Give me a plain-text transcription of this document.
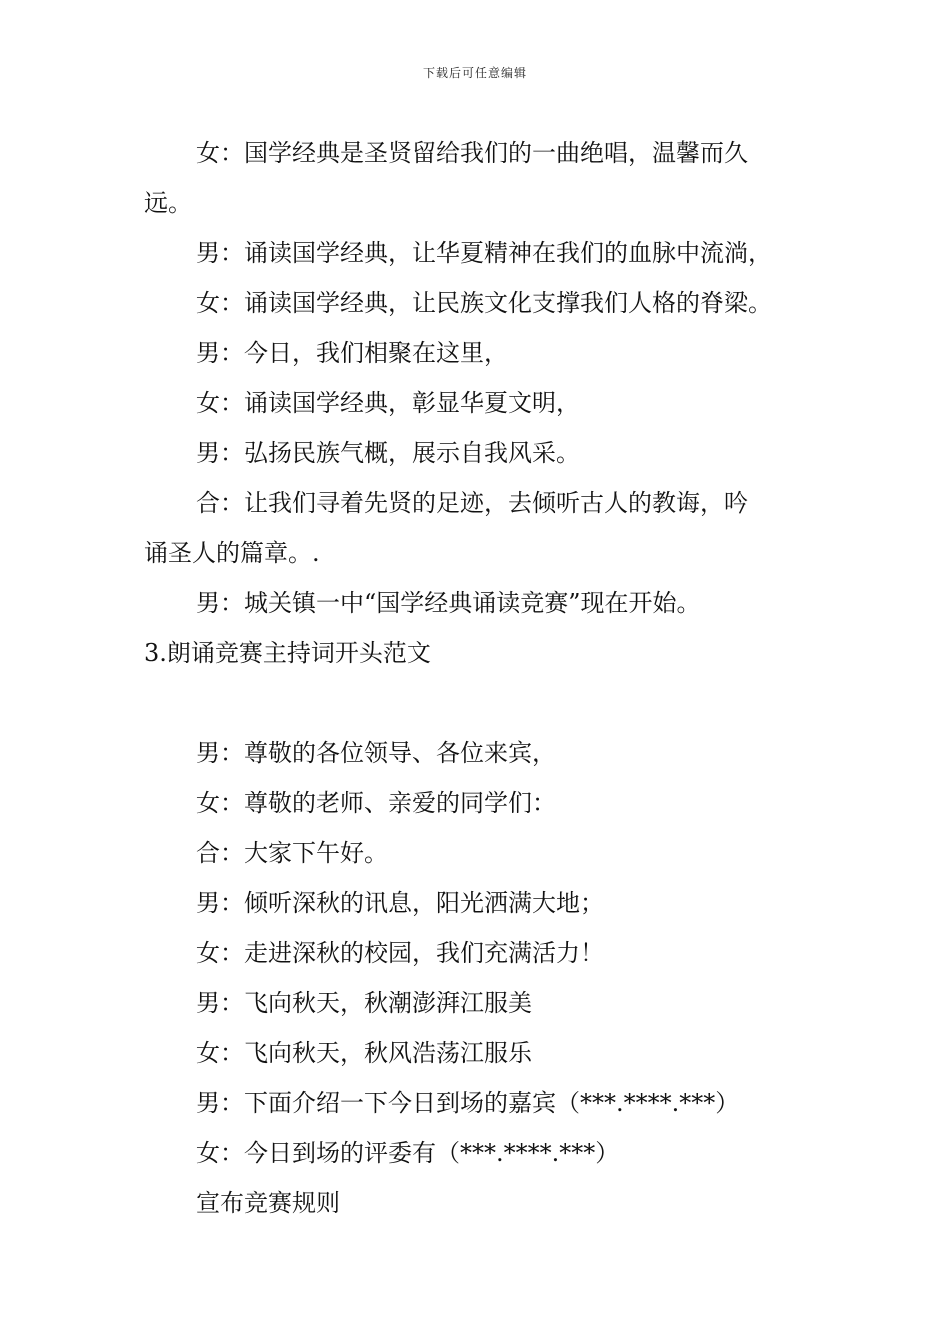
下载后可任意编辑
女：国学经典是圣贤留给我们的一曲绝唱，温馨而久
远。
男：诵读国学经典，让华夏精神在我们的血脉中流淌，
女：诵读国学经典，让民族文化支撑我们人格的脊梁。
男：今日，我们相聚在这里，
女：诵读国学经典，彰显华夏文明，
男：弘扬民族气概，展示自我风采。
合：让我们寻着先贤的足迹，去倾听古人的教诲，吟
诵圣人的篇章。.
男：城关镇一中“国学经典诵读竞赛”现在开始。
3.朗诵竞赛主持词开头范文
男：尊敬的各位领导、各位来宾，
女：尊敬的老师、亲爱的同学们：
合：大家下午好。
男：倾听深秋的讯息，阳光洒满大地；
女：走进深秋的校园，我们充满活力！
男：飞向秋天，秋潮澎湃江服美
女：飞向秋天，秋风浩荡江服乐
男：下面介绍一下今日到场的嘉宾（***.****.***）
女：今日到场的评委有（***.****.***）
宣布竞赛规则
